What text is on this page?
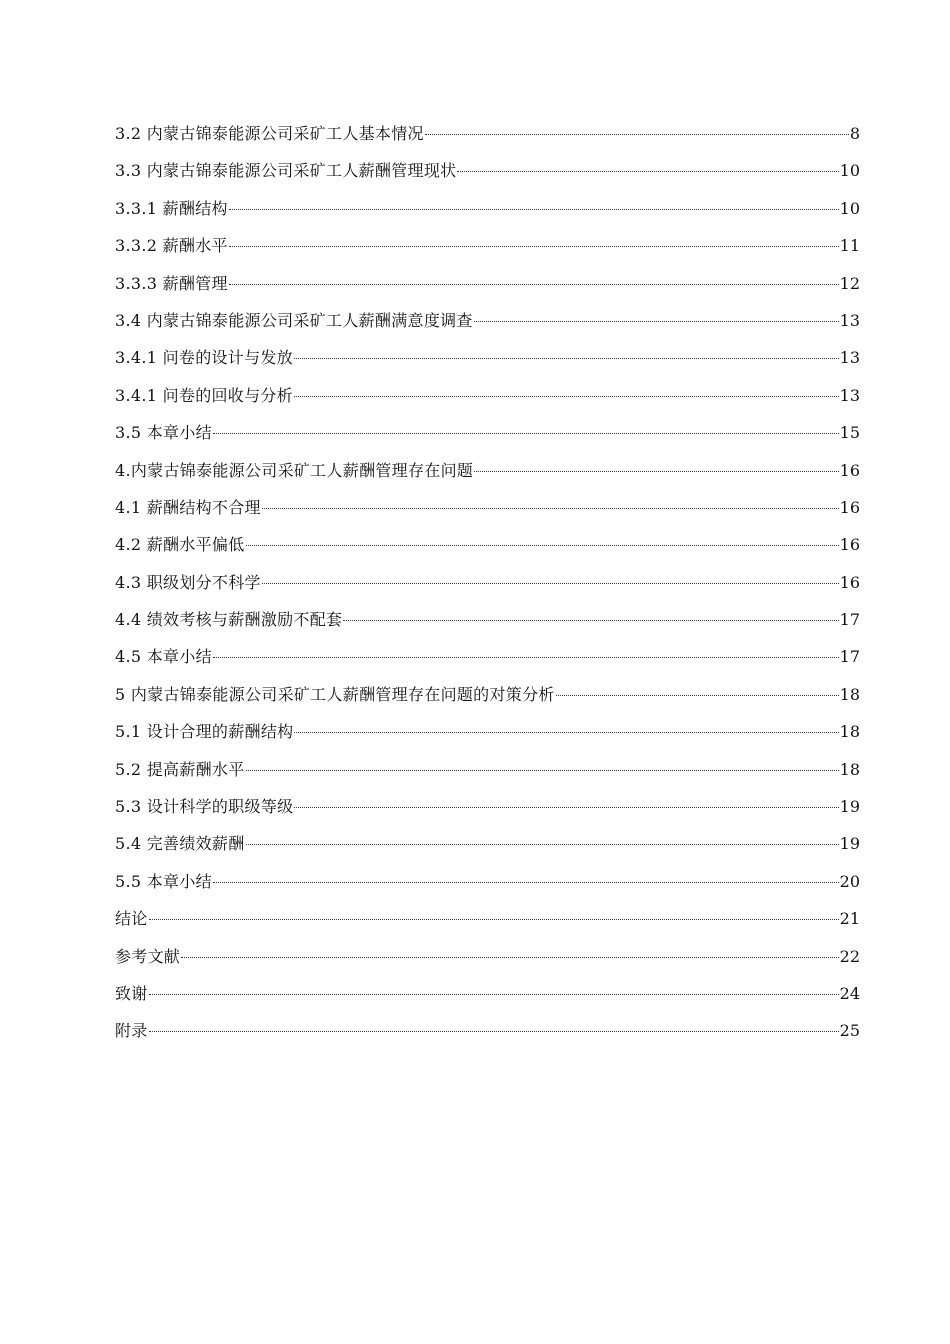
3.2 内蒙古锦泰能源公司采矿工人基本情况	8
3.3 内蒙古锦泰能源公司采矿工人薪酬管理现状	10
3.3.1 薪酬结构	10
3.3.2 薪酬水平	11
3.3.3 薪酬管理	12
3.4 内蒙古锦泰能源公司采矿工人薪酬满意度调查	13
3.4.1 问卷的设计与发放	13
3.4.1 问卷的回收与分析	13
3.5 本章小结	15
4.内蒙古锦泰能源公司采矿工人薪酬管理存在问题	16
4.1 薪酬结构不合理	16
4.2 薪酬水平偏低	16
4.3 职级划分不科学	16
4.4 绩效考核与薪酬激励不配套	17
4.5 本章小结	17
5 内蒙古锦泰能源公司采矿工人薪酬管理存在问题的对策分析	18
5.1 设计合理的薪酬结构	18
5.2 提高薪酬水平	18
5.3 设计科学的职级等级	19
5.4 完善绩效薪酬	19
5.5 本章小结	20
结论	21
参考文献	22
致谢	24
附录	25
